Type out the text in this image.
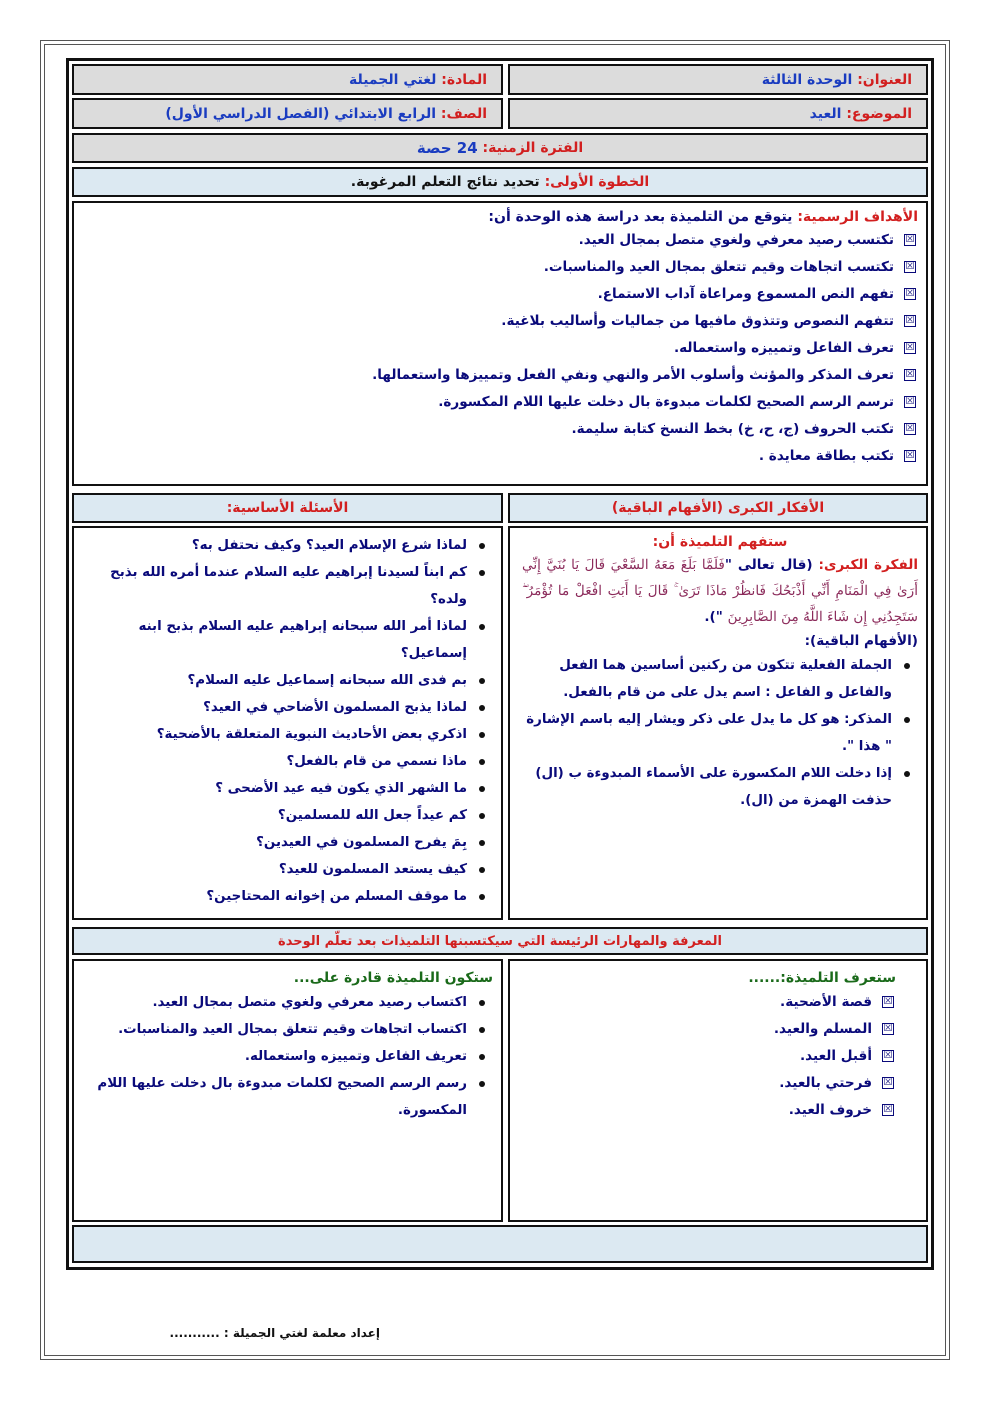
العنوان:

الوحدة الثالثة
المادة:

لغتي الجميلة
الموضوع:

العيد
الصف:

الرابع الابتدائي (الفصل الدراسي الأول)
الفترة الزمنية:

24 حصة
الخطوة الأولى:

تحديد نتائج التعلم المرغوبة.
الأهداف الرسمية: يتوقع من التلميذة بعد دراسة هذه الوحدة أن:
☒
تكتسب رصيد معرفي ولغوي متصل بمجال العيد.
☒
تكتسب اتجاهات وقيم تتعلق بمجال العيد والمناسبات.
☒
تفهم النص المسموع ومراعاة آداب الاستماع.
☒
تتفهم النصوص وتتذوق مافيها من جماليات وأساليب بلاغية.
☒
تعرف الفاعل وتمييزه واستعماله.
☒
تعرف المذكر والمؤنث وأسلوب الأمر والنهي ونفي الفعل وتمييزها واستعمالها.
☒
ترسم الرسم الصحيح لكلمات مبدوءة بال دخلت عليها اللام المكسورة.
☒
تكتب الحروف (ج، ح، خ) بخط النسخ كتابة سليمة.
☒
تكتب بطاقة معايدة .
الأفكار الكبرى (الأفهام الباقية)
الأسئلة الأساسية:
ستفهم التلميذة أن:
الفكرة الكبرى: (قال تعالى "فَلَمَّا بَلَغَ مَعَهُ السَّعْيَ قَالَ يَا بُنَيَّ إِنِّي أَرَىٰ فِي الْمَنَامِ أَنِّي أَذْبَحُكَ فَانظُرْ مَاذَا تَرَىٰ ۚ قَالَ يَا أَبَتِ افْعَلْ مَا تُؤْمَرُ ۖ سَتَجِدُنِي إِن شَاءَ اللَّهُ مِنَ الصَّابِرِينَ ").
(الأفهام الباقية):
الجملة الفعلية تتكون من ركنين أساسين هما الفعل والفاعل و الفاعل : اسم يدل على من قام بالفعل.
المذكر: هو كل ما يدل على ذكر ويشار إليه باسم الإشارة " هذا ".
إذا دخلت اللام المكسورة على الأسماء المبدوءة ب (ال) حذفت الهمزة من (ال).
لماذا شرع الإسلام العيد؟ وكيف نحتفل به؟
كم ابناً لسيدنا إبراهيم عليه السلام عندما أمره الله بذبح ولده؟
لماذا أمر الله سبحانه إبراهيم عليه السلام بذبح ابنه إسماعيل؟
بم فدى الله سبحانه إسماعيل عليه السلام؟
لماذا يذبح المسلمون الأضاحي في العيد؟
اذكري بعض الأحاديث النبوية المتعلقة بالأضحية؟
ماذا نسمي من قام بالفعل؟
ما الشهر الذي يكون فيه عيد الأضحى ؟
كم عيداً جعل الله للمسلمين؟
بِمَ يفرح المسلمون في العيدين؟
كيف يستعد المسلمون للعيد؟
ما موقف المسلم من إخوانه المحتاجين؟
المعرفة والمهارات الرئيسة التي سيكتسبنها التلميذات بعد تعلّم الوحدة
ستعرف التلميذة:......
☒
قصة الأضحية.
☒
المسلم والعيد.
☒
أقبل العيد.
☒
فرحتي بالعيد.
☒
خروف العيد.
ستكون التلميذة قادرة على...
اكتساب رصيد معرفي ولغوي متصل بمجال العيد.
اكتساب اتجاهات وقيم تتعلق بمجال العيد والمناسبات.
تعريف الفاعل وتمييزه واستعماله.
رسم الرسم الصحيح لكلمات مبدوءة بال دخلت عليها اللام المكسورة.
إعداد معلمة لغتي الجميلة : ...........
